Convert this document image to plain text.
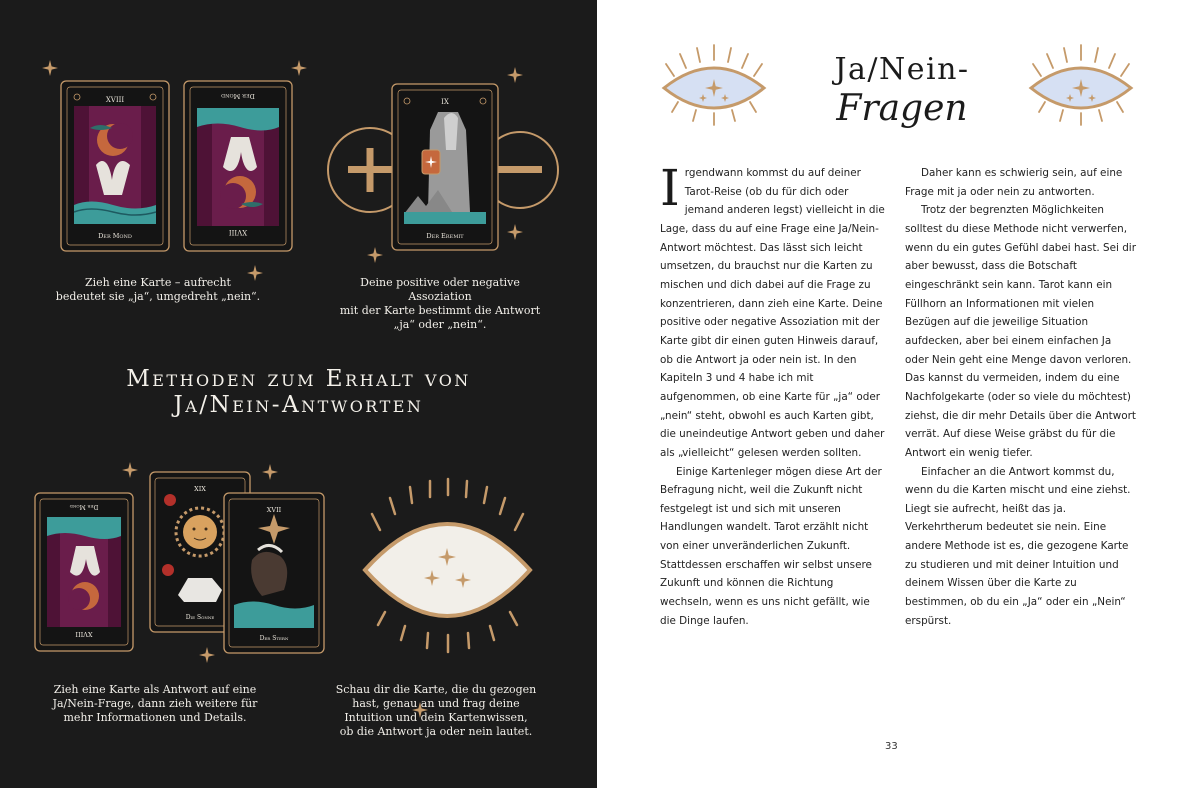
XVIII
Der Mond	XVIII
Der Mond
IX
Der Eremit
XVIII
Der Mond
XIX
Die Sonne
XVII
Der Stern
Zieh eine Karte – aufrecht
bedeutet sie „ja“, umgedreht „nein“.
Deine positive oder negative Assoziation
mit der Karte bestimmt die Antwort
„ja“ oder „nein“.
Methoden zum Erhalt von
Ja/Nein-Antworten
Zieh eine Karte als Antwort auf eine
Ja/Nein-Frage, dann zieh weitere für
mehr Informationen und Details.
Schau dir die Karte, die du gezogen
hast, genau an und frag deine
Intuition und dein Kartenwissen,
ob die Antwort ja oder nein lautet.
Ja/Nein-
Fragen

Irgendwann kommst du auf deiner Tarot-Reise (ob du für dich oder jemand anderen legst) vielleicht in die Lage, dass du auf eine Frage eine Ja/Nein-Antwort möchtest. Das lässt sich leicht umsetzen, du brauchst nur die Karten zu mischen und dich dabei auf die Frage zu konzentrieren, dann zieh eine Karte. Deine positive oder negative Assoziation mit der Karte gibt dir einen guten Hinweis darauf, ob die Antwort ja oder nein ist. In den Kapiteln 3 und 4 habe ich mit aufgenommen, ob eine Karte für „ja“ oder „nein“ steht, obwohl es auch Karten gibt, die uneindeutige Antwort geben und daher als „vielleicht“ gelesen werden sollten.

Einige Kartenleger mögen diese Art der Befragung nicht, weil die Zukunft nicht festgelegt ist und sich mit unseren Handlungen wandelt. Tarot erzählt nicht von einer unveränderlichen Zukunft. Stattdessen erschaffen wir selbst unsere Zukunft und können die Richtung wechseln, wenn es uns nicht gefällt, wie die Dinge laufen.

Daher kann es schwierig sein, auf eine Frage mit ja oder nein zu antworten.

Trotz der begrenzten Möglichkeiten solltest du diese Methode nicht verwerfen, wenn du ein gutes Gefühl dabei hast. Sei dir aber bewusst, dass die Botschaft eingeschränkt sein kann. Tarot kann ein Füllhorn an Informationen mit vielen Bezügen auf die jeweilige Situation aufdecken, aber bei einem einfachen Ja oder Nein geht eine Menge davon verloren. Das kannst du vermeiden, indem du eine Nachfolgekarte (oder so viele du möchtest) ziehst, die dir mehr Details über die Antwort verrät. Auf diese Weise gräbst du für die Antwort ein wenig tiefer.

Einfacher an die Antwort kommst du, wenn du die Karten mischt und eine ziehst. Liegt sie aufrecht, heißt das ja. Verkehrtherum bedeutet sie nein. Eine andere Methode ist es, die gezogene Karte zu studieren und mit deiner Intuition und deinem Wissen über die Karte zu bestimmen, ob du ein „Ja“ oder ein „Nein“ erspürst.

33
